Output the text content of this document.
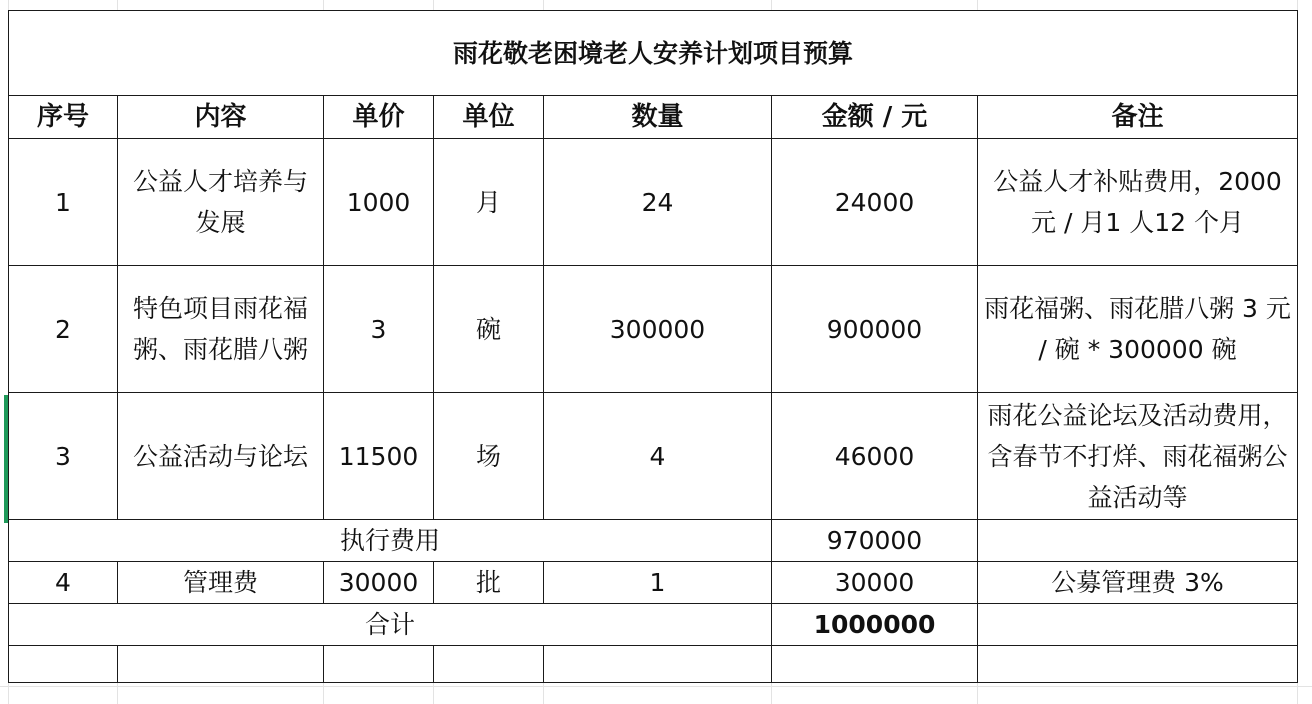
雨花敬老困境老人安养计划项目预算						
序号	内容	单价	单位	数量	金额 / 元	备注
1	公益人才培养与发展	1000	月	24	24000	公益人才补贴费用，2000 元 / 月1 人12 个月
2	特色项目雨花福粥、雨花腊八粥	3	碗	300000	900000	雨花福粥、雨花腊八粥 3 元 / 碗 * 300000 碗
3	公益活动与论坛	11500	场	4	46000	雨花公益论坛及活动费用，含春节不打烊、雨花福粥公益活动等
执行费用					970000	
4	管理费	30000	批	1	30000	公募管理费 3%
合计					1000000	
